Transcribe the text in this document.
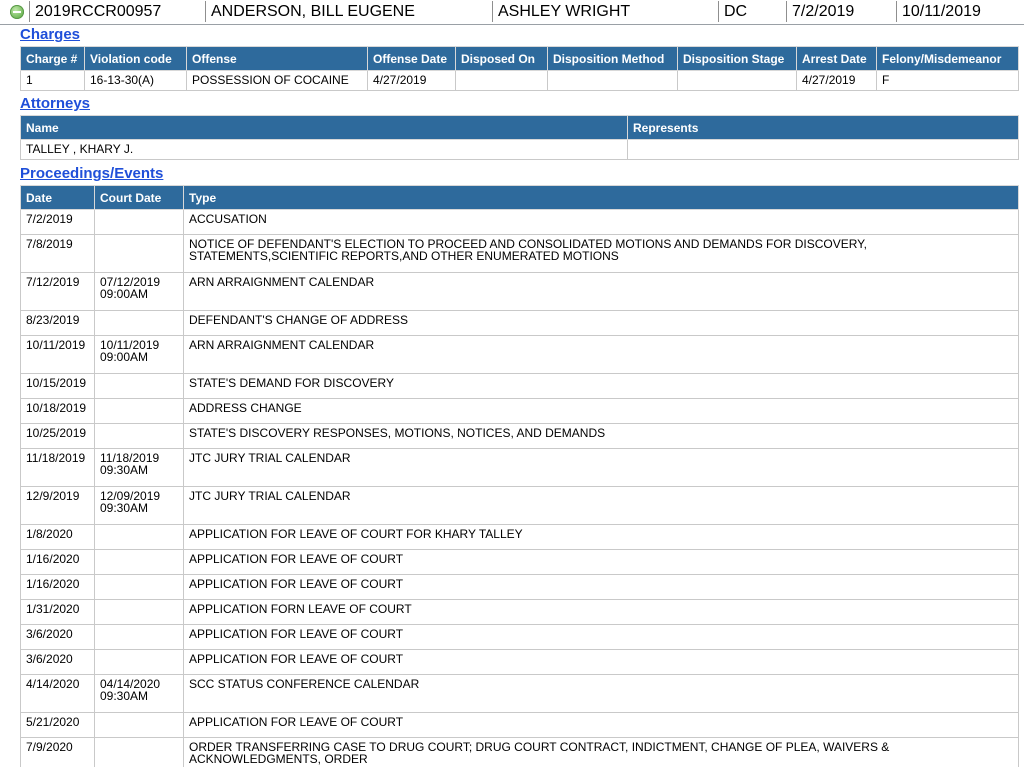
2019RCCR00957	ANDERSON, BILL EUGENE	ASHLEY WRIGHT	DC	7/2/2019	10/11/2019
Charges
Charge #	Violation code	Offense	Offense Date	Disposed On	Disposition Method	Disposition Stage	Arrest Date	Felony/Misdemeanor
1	16-13-30(A)	POSSESSION OF COCAINE	4/27/2019				4/27/2019	F
Attorneys
Name	Represents
TALLEY , KHARY J.	
Proceedings/Events
Date	Court Date	Type
7/2/2019		ACCUSATION
7/8/2019		NOTICE OF DEFENDANT'S ELECTION TO PROCEED AND CONSOLIDATED MOTIONS AND DEMANDS FOR DISCOVERY, STATEMENTS,SCIENTIFIC REPORTS,AND OTHER ENUMERATED MOTIONS
7/12/2019	07/12/2019 09:00AM	ARN ARRAIGNMENT CALENDAR
8/23/2019		DEFENDANT'S CHANGE OF ADDRESS
10/11/2019	10/11/2019 09:00AM	ARN ARRAIGNMENT CALENDAR
10/15/2019		STATE'S DEMAND FOR DISCOVERY
10/18/2019		ADDRESS CHANGE
10/25/2019		STATE'S DISCOVERY RESPONSES, MOTIONS, NOTICES, AND DEMANDS
11/18/2019	11/18/2019 09:30AM	JTC JURY TRIAL CALENDAR
12/9/2019	12/09/2019 09:30AM	JTC JURY TRIAL CALENDAR
1/8/2020		APPLICATION FOR LEAVE OF COURT FOR KHARY TALLEY
1/16/2020		APPLICATION FOR LEAVE OF COURT
1/16/2020		APPLICATION FOR LEAVE OF COURT
1/31/2020		APPLICATION FORN LEAVE OF COURT
3/6/2020		APPLICATION FOR LEAVE OF COURT
3/6/2020		APPLICATION FOR LEAVE OF COURT
4/14/2020	04/14/2020 09:30AM	SCC STATUS CONFERENCE CALENDAR
5/21/2020		APPLICATION FOR LEAVE OF COURT
7/9/2020		ORDER TRANSFERRING CASE TO DRUG COURT; DRUG COURT CONTRACT, INDICTMENT, CHANGE OF PLEA, WAIVERS & ACKNOWLEDGMENTS, ORDER
